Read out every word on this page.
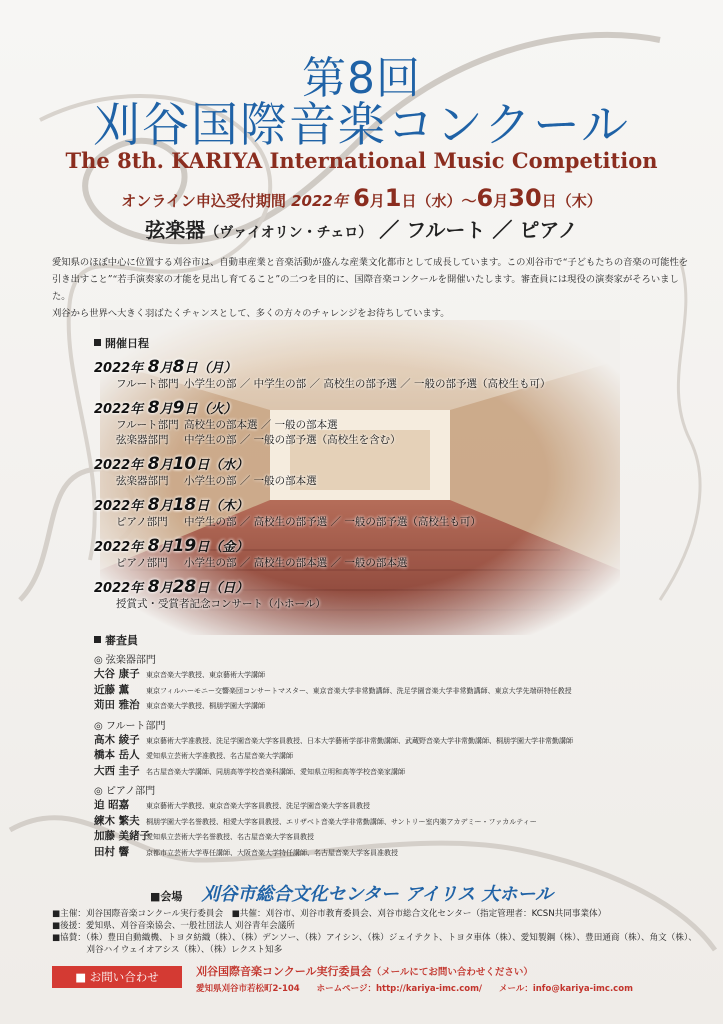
第8回
刈谷国際音楽コンクール
The 8th. KARIYA International Music Competition
オンライン申込受付期間 2022年 6月1日（水）～6月30日（木）
弦楽器（ヴァイオリン・チェロ） ／ フルート ／ ピアノ
愛知県のほぼ中心に位置する刈谷市は、自動車産業と音楽活動が盛んな産業文化都市として成長しています。この刈谷市で“子どもたちの音楽の可能性を
引き出すこと”“若手演奏家の才能を見出し育てること”の二つを目的に、国際音楽コンクールを開催いたします。審査員には現役の演奏家がそろいました。
刈谷から世界へ大きく羽ばたくチャンスとして、多くの方々のチャレンジをお待ちしています。
開催日程
2022年 8月8日（月）
フルート部門 小学生の部 ／ 中学生の部 ／ 高校生の部予選 ／ 一般の部予選（高校生も可）
2022年 8月9日（火）
フルート部門 高校生の部本選 ／ 一般の部本選
弦楽器部門 中学生の部 ／ 一般の部予選（高校生を含む）
2022年 8月10日（水）
弦楽器部門 小学生の部 ／ 一般の部本選
2022年 8月18日（木）
ピアノ部門 中学生の部 ／ 高校生の部予選 ／ 一般の部予選（高校生も可）
2022年 8月19日（金）
ピアノ部門 小学生の部 ／ 高校生の部本選 ／ 一般の部本選
2022年 8月28日（日）
授賞式・受賞者記念コンサート（小ホール）
審査員
◎ 弦楽器部門
大谷 康子 東京音楽大学教授、東京藝術大学講師
近藤 薫 東京フィルハーモニー交響楽団コンサートマスター、東京音楽大学非常勤講師、洗足学園音楽大学非常勤講師、東京大学先端研特任教授
苅田 雅治 東京音楽大学教授、桐朋学園大学講師
◎ フルート部門
高木 綾子 東京藝術大学准教授、洗足学園音楽大学客員教授、日本大学藝術学部非常勤講師、武蔵野音楽大学非常勤講師、桐朋学園大学非常勤講師
橋本 岳人 愛知県立芸術大学准教授、名古屋音楽大学講師
大西 圭子 名古屋音楽大学講師、同朋高等学校音楽科講師、愛知県立明和高等学校音楽家講師
◎ ピアノ部門
迫 昭嘉 東京藝術大学教授、東京音楽大学客員教授、洗足学園音楽大学客員教授
練木 繁夫 桐朋学園大学名誉教授、相愛大学客員教授、エリザベト音楽大学非常勤講師、サントリー室内楽アカデミー・ファカルティー
加藤 美緒子愛知県立芸術大学名誉教授、名古屋音楽大学客員教授
田村 響 京都市立芸術大学専任講師、大阪音楽大学特任講師、名古屋音楽大学客員准教授
■会場 刈谷市総合文化センター アイリス 大ホール
■主催：刈谷国際音楽コンクール実行委員会　■共催：刈谷市、刈谷市教育委員会、刈谷市総合文化センター（指定管理者：KCSN共同事業体）
■後援：愛知県、刈谷音楽協会、一般社団法人 刈谷青年会議所
■協賛：（株）豊田自動織機、トヨタ紡織（株）、（株）デンソー、（株）アイシン、（株）ジェイテクト、トヨタ車体（株）、愛知製鋼（株）、豊田通商（株）、角文（株）、
　　　　刈谷ハイウェイオアシス（株）、（株）レクスト知多
■ お問い合わせ	刈谷国際音楽コンクール実行委員会（メールにてお問い合わせください）
愛知県刈谷市若松町2-104 ホームページ：http://kariya-imc.com/ メール：info@kariya-imc.com
